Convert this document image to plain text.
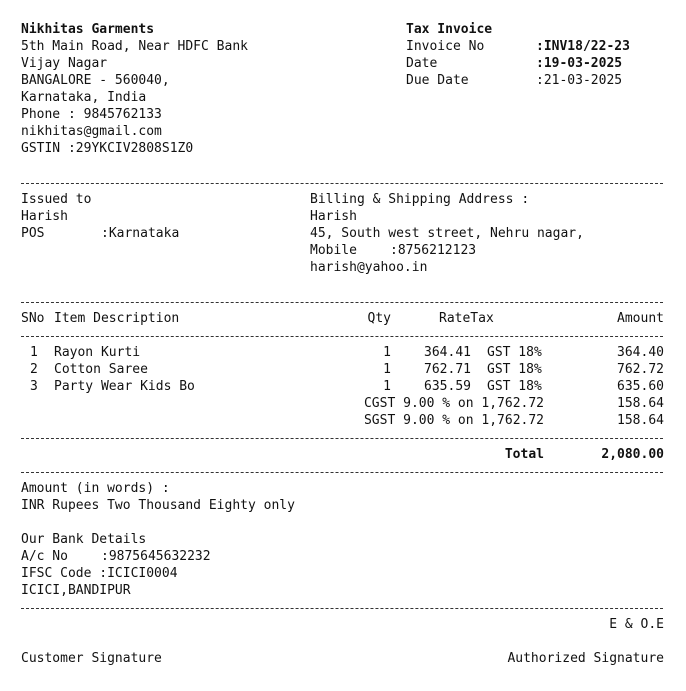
Nikhitas Garments
5th Main Road, Near HDFC Bank
Vijay Nagar
BANGALORE - 560040,
Karnataka, India
Phone : 9845762133
nikhitas@gmail.com
GSTIN :29YKCIV2808S1Z0
Tax Invoice
Invoice No	:INV18/22-23
Date	:19-03-2025
Due Date	:21-03-2025
Issued to
Harish
POS	:Karnataka
Billing & Shipping Address :
Harish
45, South west street, Nehru nagar,
Mobile	:8756212123
harish@yahoo.in
SNo Item Description	Qty	RateTax	Amount
1 Rayon Kurti	1	364.41 GST 18%	364.40
2 Cotton Saree	1	762.71 GST 18%	762.72
3 Party Wear Kids Bo	1	635.59 GST 18%	635.60
CGST 9.00 % on 1,762.72	158.64
SGST 9.00 % on 1,762.72	158.64
Total	2,080.00
Amount (in words) :
INR Rupees Two Thousand Eighty only
Our Bank Details
A/c No	:9875645632232
IFSC Code :ICICI0004
ICICI,BANDIPUR
E & O.E
Customer Signature	Authorized Signature
